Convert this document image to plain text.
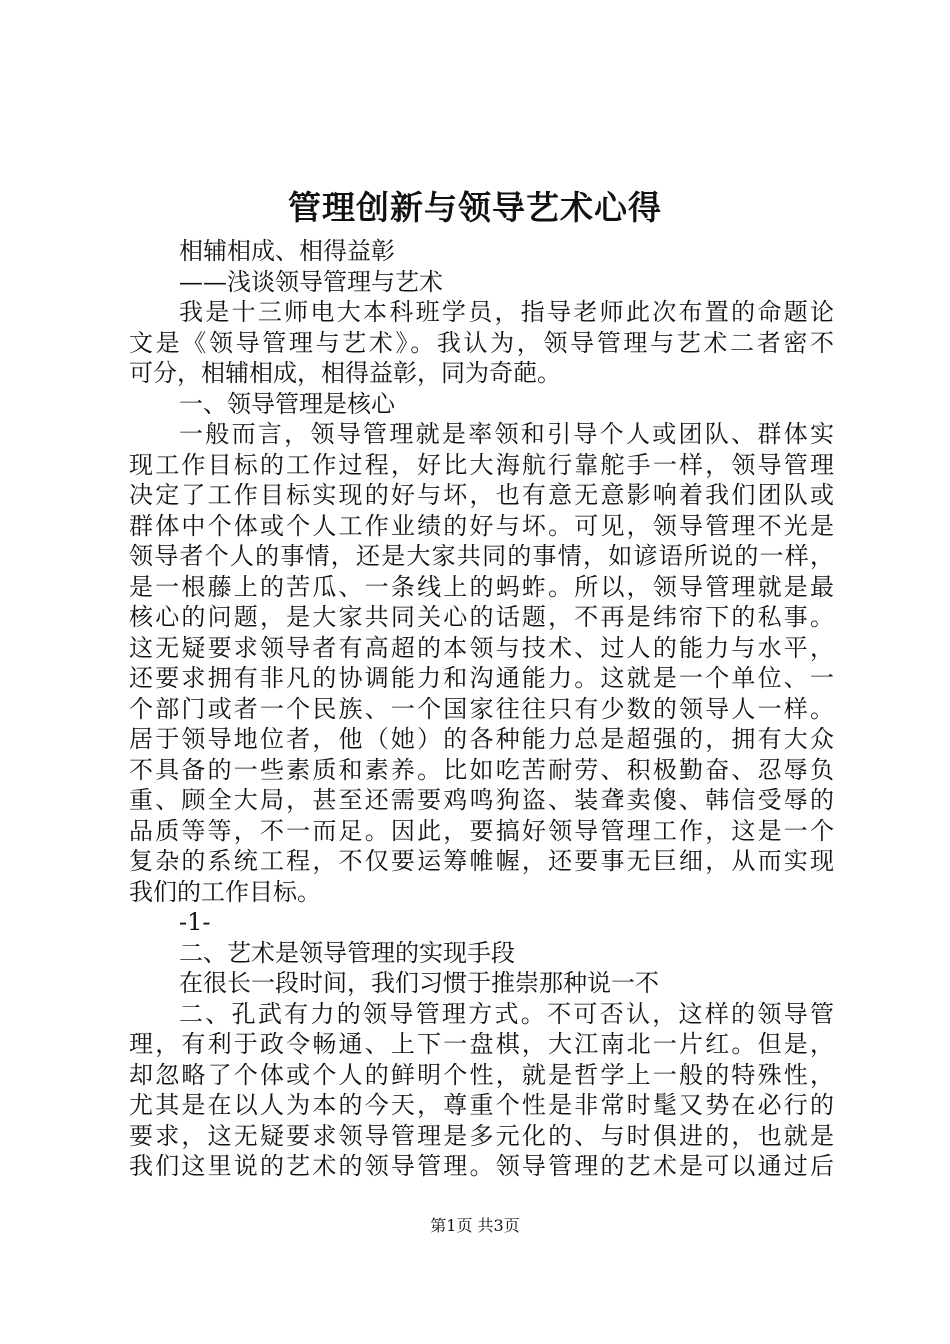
管理创新与领导艺术心得
相辅相成、相得益彰
——浅谈领导管理与艺术
我是十三师电大本科班学员，指导老师此次布置的命题论
文是《领导管理与艺术》。我认为，领导管理与艺术二者密不
可分，相辅相成，相得益彰，同为奇葩。
一、领导管理是核心
一般而言，领导管理就是率领和引导个人或团队、群体实
现工作目标的工作过程，好比大海航行靠舵手一样，领导管理
决定了工作目标实现的好与坏，也有意无意影响着我们团队或
群体中个体或个人工作业绩的好与坏。可见，领导管理不光是
领导者个人的事情，还是大家共同的事情，如谚语所说的一样，
是一根藤上的苦瓜、一条线上的蚂蚱。所以，领导管理就是最
核心的问题，是大家共同关心的话题，不再是纬帘下的私事。
这无疑要求领导者有高超的本领与技术、过人的能力与水平，
还要求拥有非凡的协调能力和沟通能力。这就是一个单位、一
个部门或者一个民族、一个国家往往只有少数的领导人一样。
居于领导地位者，他（她）的各种能力总是超强的，拥有大众
不具备的一些素质和素养。比如吃苦耐劳、积极勤奋、忍辱负
重、顾全大局，甚至还需要鸡鸣狗盗、装聋卖傻、韩信受辱的
品质等等，不一而足。因此，要搞好领导管理工作，这是一个
复杂的系统工程，不仅要运筹帷幄，还要事无巨细，从而实现
我们的工作目标。
-1-
二、艺术是领导管理的实现手段
在很长一段时间，我们习惯于推崇那种说一不
二、孔武有力的领导管理方式。不可否认，这样的领导管
理，有利于政令畅通、上下一盘棋，大江南北一片红。但是，
却忽略了个体或个人的鲜明个性，就是哲学上一般的特殊性，
尤其是在以人为本的今天，尊重个性是非常时髦又势在必行的
要求，这无疑要求领导管理是多元化的、与时俱进的，也就是
我们这里说的艺术的领导管理。领导管理的艺术是可以通过后
第1页 共3页
